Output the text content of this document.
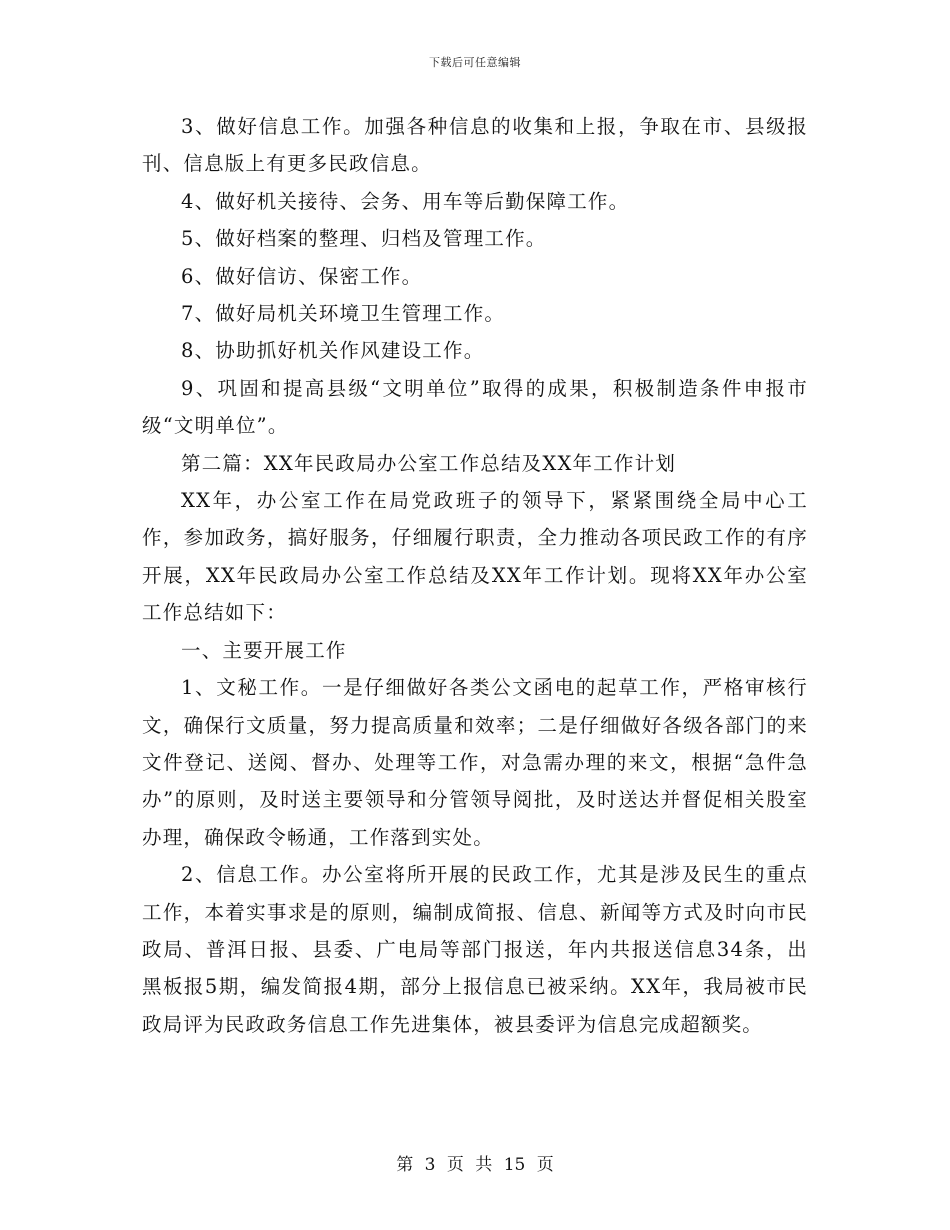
下载后可任意编辑

3、做好信息工作。加强各种信息的收集和上报，争取在市、县级报刊、信息版上有更多民政信息。

4、做好机关接待、会务、用车等后勤保障工作。

5、做好档案的整理、归档及管理工作。

6、做好信访、保密工作。

7、做好局机关环境卫生管理工作。

8、协助抓好机关作风建设工作。

9、巩固和提高县级“文明单位”取得的成果，积极制造条件申报市级“文明单位”。

第二篇：XX年民政局办公室工作总结及XX年工作计划

XX年，办公室工作在局党政班子的领导下，紧紧围绕全局中心工作，参加政务，搞好服务，仔细履行职责，全力推动各项民政工作的有序开展，XX年民政局办公室工作总结及XX年工作计划。现将XX年办公室工作总结如下：

一、主要开展工作

1、文秘工作。一是仔细做好各类公文函电的起草工作，严格审核行文，确保行文质量，努力提高质量和效率；二是仔细做好各级各部门的来文件登记、送阅、督办、处理等工作，对急需办理的来文，根据“急件急办”的原则，及时送主要领导和分管领导阅批，及时送达并督促相关股室办理，确保政令畅通，工作落到实处。

2、信息工作。办公室将所开展的民政工作，尤其是涉及民生的重点工作，本着实事求是的原则，编制成简报、信息、新闻等方式及时向市民政局、普洱日报、县委、广电局等部门报送，年内共报送信息34条，出黑板报5期，编发简报4期，部分上报信息已被采纳。XX年，我局被市民政局评为民政政务信息工作先进集体，被县委评为信息完成超额奖。

第 3 页 共 15 页
